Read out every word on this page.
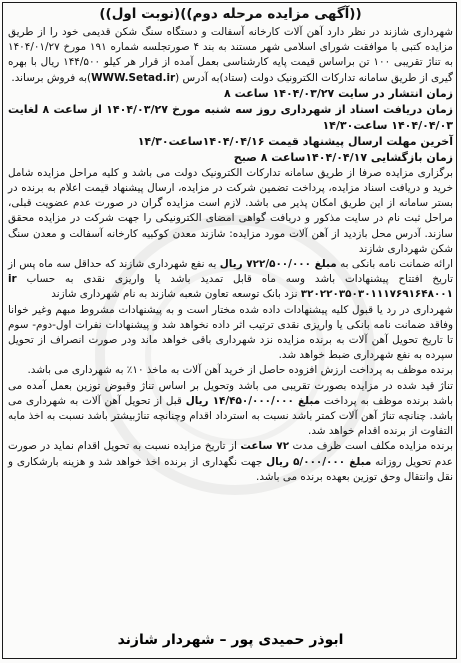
((آگهی مزایده مرحله دوم))(نوبت اول))

شهرداری شازند در نظر دارد آهن آلات کارخانه آسفالت و دستگاه سنگ شکن قدیمی خود را از طریق مزایده کتبی با موافقت شورای اسلامی شهر مستند به بند ۴ صورتجلسه شماره ۱۹۱ مورخ ۱۴۰۴/۰۱/۲۷ به تناژ تقریبی ۱۰۰ تن براساس قیمت پایه کارشناسی بعمل آمده از قرار هر کیلو ۱۴۴/۵۰۰ ریال با بهره گیری از طریق سامانه تدارکات الکترونیک دولت (ستاد)به آدرس (WWW.Setad.ir)به فروش برساند.

زمان انتشار در سایت ۱۴۰۴/۰۳/۲۷ ساعت ۸

زمان دریافت اسناد از شهرداری روز سه شنبه مورخ ۱۴۰۴/۰۳/۲۷ از ساعت ۸ لغایت ۱۴۰۴/۰۴/۰۳ ساعت۱۴/۳۰

آخرین مهلت ارسال پیشنهاد قیمت ۱۴۰۴/۰۴/۱۶ساعت۱۴/۳۰

زمان بازگشایی ۱۴۰۴/۰۴/۱۷ساعت ۸ صبح

برگزاری مزایده صرفا از طریق سامانه تدارکات الکترونیک دولت می باشد و کلیه مراحل مزایده شامل خرید و دریافت اسناد مزایده، پرداخت تضمین شرکت در مزایده، ارسال پیشنهاد قیمت اعلام به برنده در بستر سامانه از این طریق امکان پذیر می باشد. لازم است مزایده گران در صورت عدم عضویت قبلی، مراحل ثبت نام در سایت مذکور و دریافت گواهی امضای الکترونیکی را جهت شرکت در مزایده محقق سازند. آدرس محل بازدید از آهن آلات مورد مزایده: شازند معدن کوکبیه کارخانه آسفالت و معدن سنگ شکن شهرداری شازند

ارائه ضمانت نامه بانکی به مبلغ ۷۲۲/۵۰۰/۰۰۰ ریال به نفع شهرداری شازند که حداقل سه ماه پس از تاریخ افتتاح پیشنهادات باشد وسه ماه قابل تمدید باشد یا واریزی نقدی به حساب ir ۳۲۰۲۲۰۳۵۰۳۰۱۱۱۷۶۹۱۶۴۸۰۰۱ نزد بانک توسعه تعاون شعبه شازند به نام شهرداری شازند

شهرداری در رد یا قبول کلیه پیشنهادات داده شده مختار است و به پیشنهادات مشروط مبهم وغیر خوانا وفاقد ضمانت نامه بانکی یا واریزی نقدی ترتیب اثر داده نخواهد شد و پیشنهادات نفرات اول-دوم- سوم تا تاریخ تحویل آهن آلات به برنده مزایده نزد شهرداری باقی خواهد ماند ودر صورت انصراف از تحویل سپرده به نفع شهرداری ضبط خواهد شد.

برنده موظف به پرداخت ارزش افزوده حاصل از خرید آهن آلات به ماخذ ۱۰٪ به شهرداری می باشد.

تناژ قید شده در مزایده بصورت تقریبی می باشد وتحویل بر اساس تناژ وقبوض توزین بعمل آمده می باشد برنده موظف به پرداخت مبلغ ۱۴/۴۵۰/۰۰۰/۰۰۰ ریال قبل از تحویل آهن آلات به شهرداری می باشد. چنانچه تناژ آهن آلات کمتر باشد نسبت به استرداد اقدام وچنانچه تناژبیشتر باشد نسبت به اخذ مابه التفاوت از برنده اقدام خواهد شد.

برنده مزایده مکلف است ظرف مدت ۷۲ ساعت از تاریخ مزایده نسبت به تحویل اقدام نماید در صورت عدم تحویل روزانه مبلغ ۵/۰۰۰/۰۰۰ ریال جهت نگهداری از برنده اخذ خواهد شد و هزینه بارشکاری و نقل وانتقال وحق توزین بعهده برنده می باشد.

ابوذر حمیدی پور – شهردار شازند
